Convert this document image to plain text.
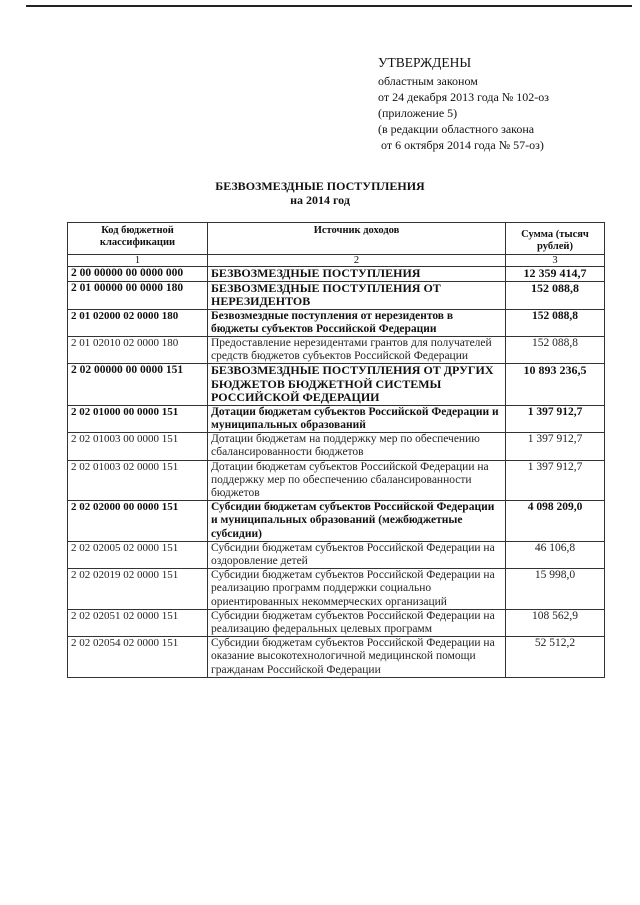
УТВЕРЖДЕНЫ
областным законом
от 24 декабря 2013 года № 102-оз
(приложение 5)
(в редакции областного закона
от 6 октября 2014 года № 57-оз)
БЕЗВОЗМЕЗДНЫЕ ПОСТУПЛЕНИЯ
на 2014 год
Код бюджетной классификации	Источник доходов	Сумма (тысяч рублей)
1	2	3
2 00 00000 00 0000 000	БЕЗВОЗМЕЗДНЫЕ ПОСТУПЛЕНИЯ	12 359 414,7
2 01 00000 00 0000 180	БЕЗВОЗМЕЗДНЫЕ ПОСТУПЛЕНИЯ ОТ НЕРЕЗИДЕНТОВ	152 088,8
2 01 02000 02 0000 180	Безвозмездные поступления от нерезидентов в бюджеты субъектов Российской Федерации	152 088,8
2 01 02010 02 0000 180	Предоставление нерезидентами грантов для получателей средств бюджетов субъектов Российской Федерации	152 088,8
2 02 00000 00 0000 151	БЕЗВОЗМЕЗДНЫЕ ПОСТУПЛЕНИЯ ОТ ДРУГИХ БЮДЖЕТОВ БЮДЖЕТНОЙ СИСТЕМЫ РОССИЙСКОЙ ФЕДЕРАЦИИ	10 893 236,5
2 02 01000 00 0000 151	Дотации бюджетам субъектов Российской Федерации и муниципальных образований	1 397 912,7
2 02 01003 00 0000 151	Дотации бюджетам на поддержку мер по обеспечению сбалансированности бюджетов	1 397 912,7
2 02 01003 02 0000 151	Дотации бюджетам субъектов Российской Федерации на поддержку мер по обеспечению сбалансированности бюджетов	1 397 912,7
2 02 02000 00 0000 151	Субсидии бюджетам субъектов Российской Федерации и муниципальных образований (межбюджетные субсидии)	4 098 209,0
2 02 02005 02 0000 151	Субсидии бюджетам субъектов Российской Федерации на оздоровление детей	46 106,8
2 02 02019 02 0000 151	Субсидии бюджетам субъектов Российской Федерации на реализацию программ поддержки социально ориентированных некоммерческих организаций	15 998,0
2 02 02051 02 0000 151	Субсидии бюджетам субъектов Российской Федерации на реализацию федеральных целевых программ	108 562,9
2 02 02054 02 0000 151	Субсидии бюджетам субъектов Российской Федерации на оказание высокотехнологичной медицинской помощи гражданам Российской Федерации	52 512,2
